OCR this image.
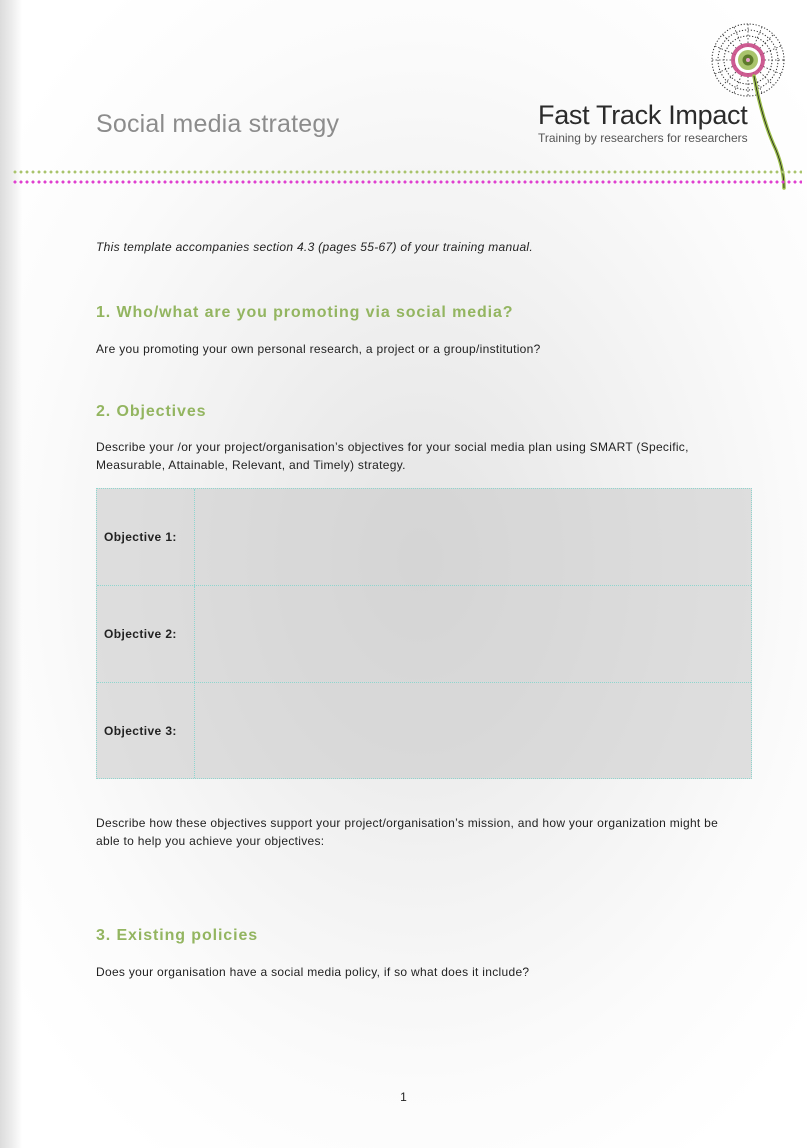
Social media strategy	Fast Track Impact
Training by researchers for researchers

This template accompanies section 4.3 (pages 55-67) of your training manual.

1. Who/what are you promoting via social media?

Are you promoting your own personal research, a project or a group/institution?

2. Objectives

Describe your /or your project/organisation’s objectives for your social media plan using SMART (Specific, Measurable, Attainable, Relevant, and Timely) strategy.

Objective 1:
Objective 2:
Objective 3:

Describe how these objectives support your project/organisation’s mission, and how your organization might be able to help you achieve your objectives:

3. Existing policies

Does your organisation have a social media policy, if so what does it include?

1
